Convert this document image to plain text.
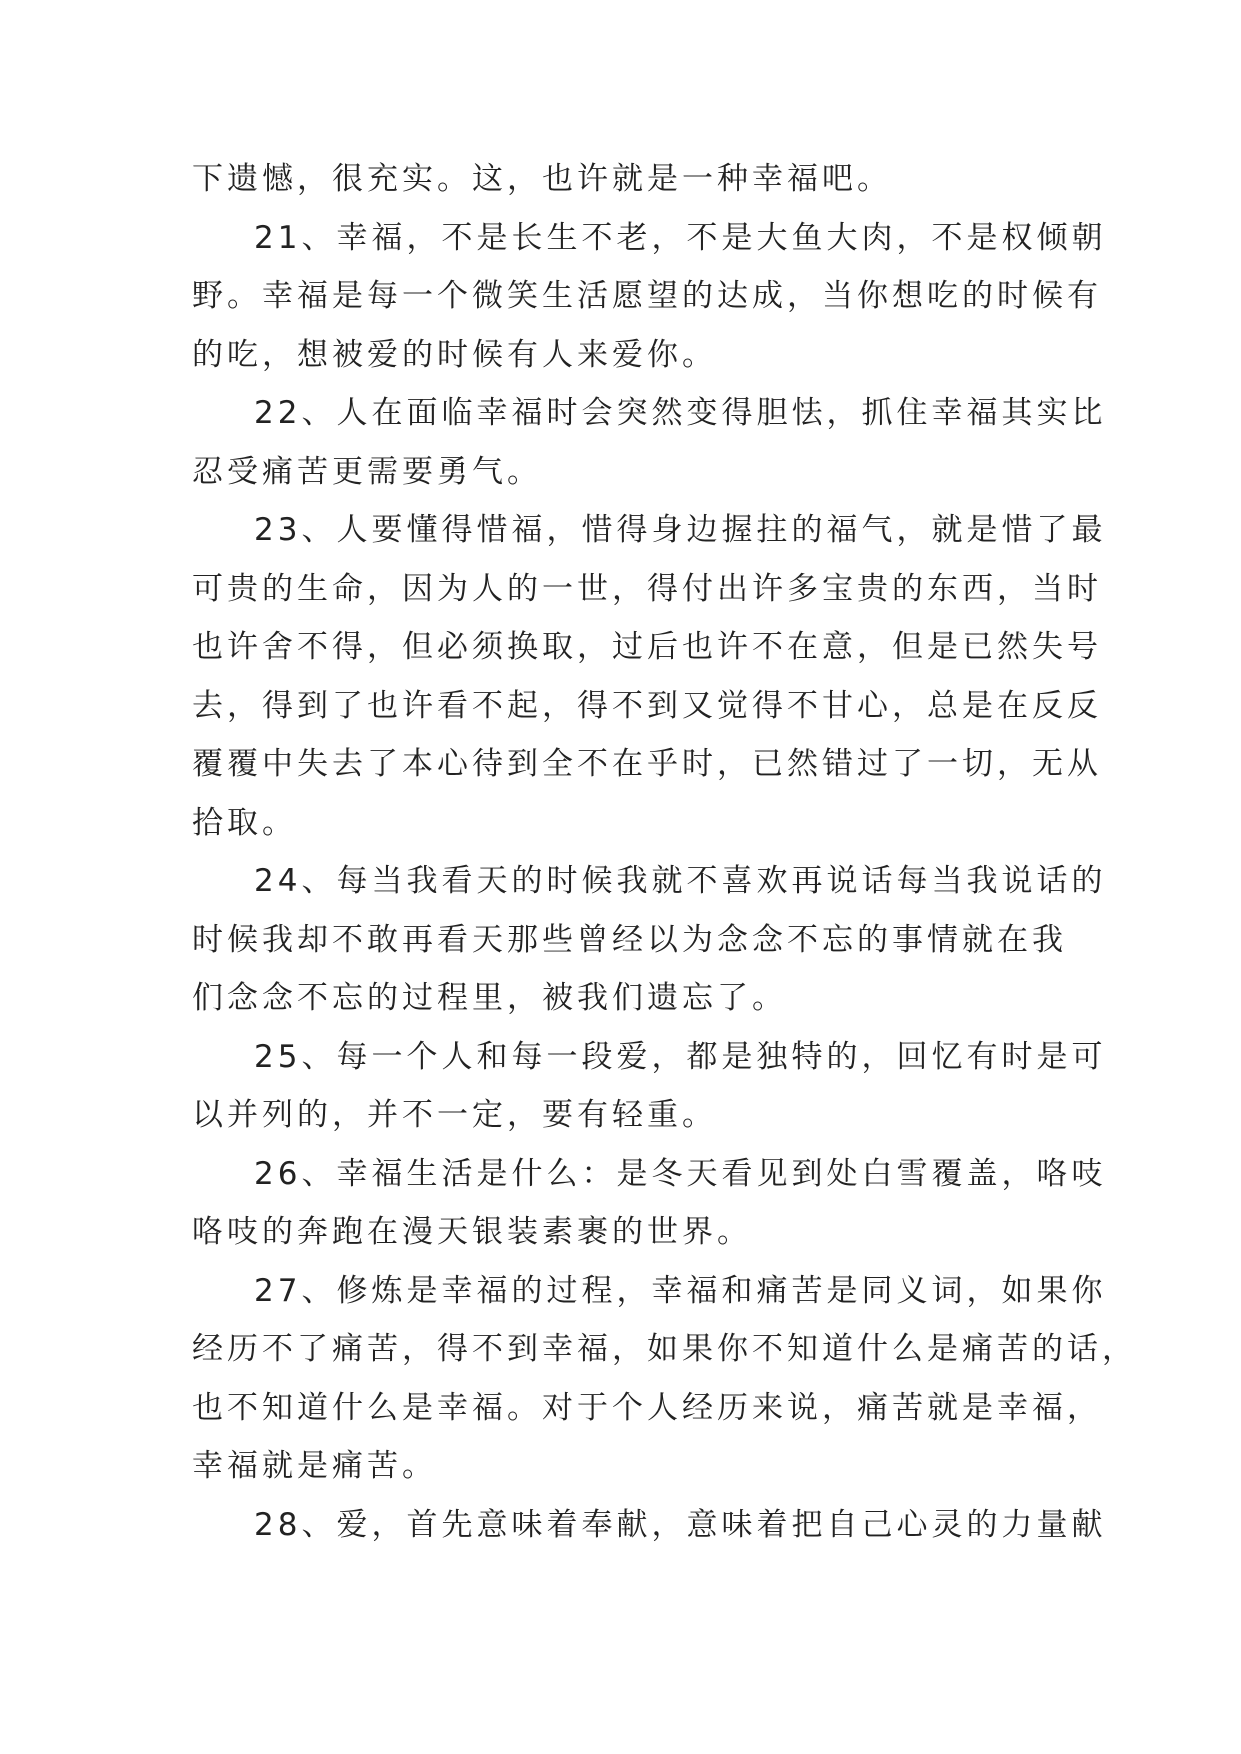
下遗憾，很充实。这，也许就是一种幸福吧。
21、幸福，不是长生不老，不是大鱼大肉，不是权倾朝
野。幸福是每一个微笑生活愿望的达成，当你想吃的时候有
的吃，想被爱的时候有人来爱你。
22、人在面临幸福时会突然变得胆怯，抓住幸福其实比
忍受痛苦更需要勇气。
23、人要懂得惜福，惜得身边握拄的福气，就是惜了最
可贵的生命，因为人的一世，得付出许多宝贵的东西，当时
也许舍不得，但必须换取，过后也许不在意，但是已然失号
去，得到了也许看不起，得不到又觉得不甘心，总是在反反
覆覆中失去了本心待到全不在乎时，已然错过了一切，无从
拾取。
24、每当我看天的时候我就不喜欢再说话每当我说话的
时候我却不敢再看天那些曾经以为念念不忘的事情就在我
们念念不忘的过程里，被我们遗忘了。
25、每一个人和每一段爱，都是独特的，回忆有时是可
以并列的，并不一定，要有轻重。
26、幸福生活是什么：是冬天看见到处白雪覆盖，咯吱
咯吱的奔跑在漫天银装素裹的世界。
27、修炼是幸福的过程，幸福和痛苦是同义词，如果你
经历不了痛苦，得不到幸福，如果你不知道什么是痛苦的话，
也不知道什么是幸福。对于个人经历来说，痛苦就是幸福，
幸福就是痛苦。
28、爱，首先意味着奉献，意味着把自己心灵的力量献
